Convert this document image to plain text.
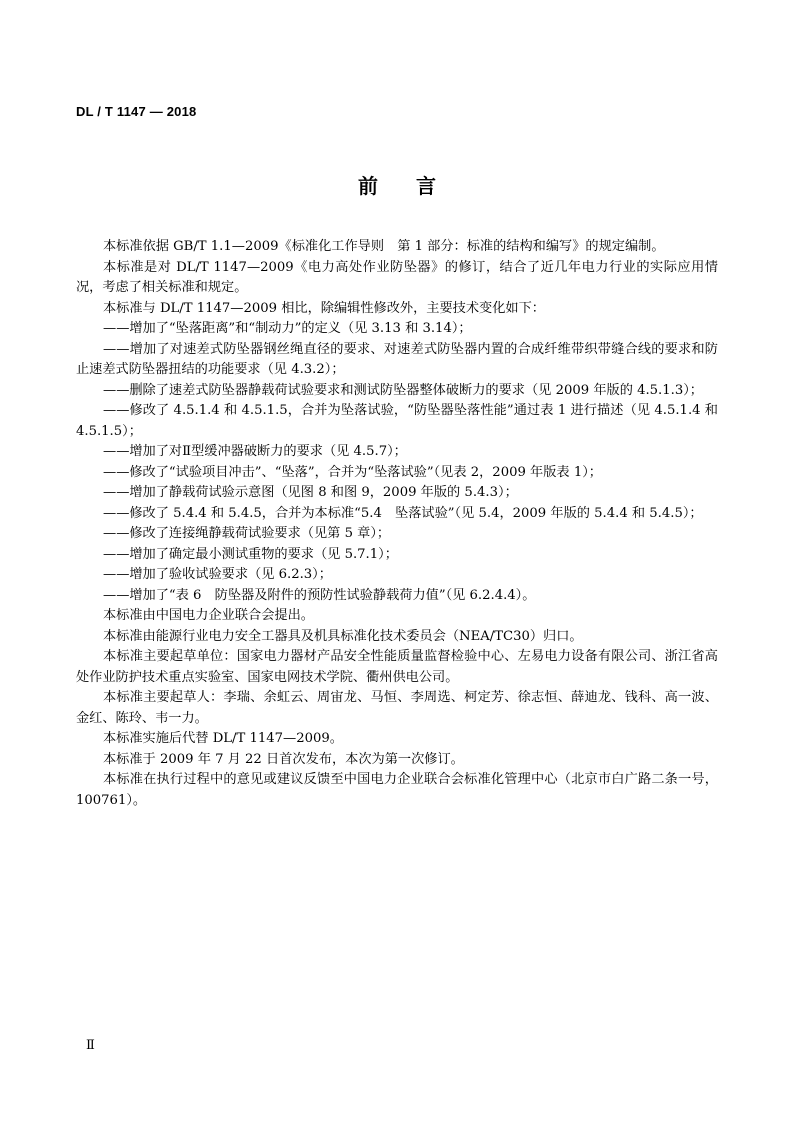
DL / T 1147 — 2018
前言

本标准依据 GB/T 1.1—2009《标准化工作导则　第 1 部分：标准的结构和编写》的规定编制。

本标准是对 DL/T 1147—2009《电力高处作业防坠器》的修订，结合了近几年电力行业的实际应用情况，考虑了相关标准和规定。

本标准与 DL/T 1147—2009 相比，除编辑性修改外，主要技术变化如下：

——增加了“坠落距离”和“制动力”的定义（见 3.13 和 3.14）；

——增加了对速差式防坠器钢丝绳直径的要求、对速差式防坠器内置的合成纤维带织带缝合线的要求和防止速差式防坠器扭结的功能要求（见 4.3.2）；

——删除了速差式防坠器静载荷试验要求和测试防坠器整体破断力的要求（见 2009 年版的 4.5.1.3）；

——修改了 4.5.1.4 和 4.5.1.5，合并为坠落试验，“防坠器坠落性能”通过表 1 进行描述（见 4.5.1.4 和 4.5.1.5）；

——增加了对Ⅱ型缓冲器破断力的要求（见 4.5.7）；

——修改了“试验项目冲击”、“坠落”，合并为“坠落试验”（见表 2，2009 年版表 1）；

——增加了静载荷试验示意图（见图 8 和图 9，2009 年版的 5.4.3）；

——修改了 5.4.4 和 5.4.5，合并为本标准“5.4　坠落试验”（见 5.4，2009 年版的 5.4.4 和 5.4.5）；

——修改了连接绳静载荷试验要求（见第 5 章）；

——增加了确定最小测试重物的要求（见 5.7.1）；

——增加了验收试验要求（见 6.2.3）；

——增加了“表 6　防坠器及附件的预防性试验静载荷力值”（见 6.2.4.4）。

本标准由中国电力企业联合会提出。

本标准由能源行业电力安全工器具及机具标准化技术委员会（NEA/TC30）归口。

本标准主要起草单位：国家电力器材产品安全性能质量监督检验中心、左易电力设备有限公司、浙江省高处作业防护技术重点实验室、国家电网技术学院、衢州供电公司。

本标准主要起草人：李瑞、余虹云、周宙龙、马恒、李周选、柯定芳、徐志恒、薛迪龙、钱科、高一波、金红、陈玲、韦一力。

本标准实施后代替 DL/T 1147—2009。

本标准于 2009 年 7 月 22 日首次发布，本次为第一次修订。

本标准在执行过程中的意见或建议反馈至中国电力企业联合会标准化管理中心（北京市白广路二条一号，100761）。

Ⅱ
